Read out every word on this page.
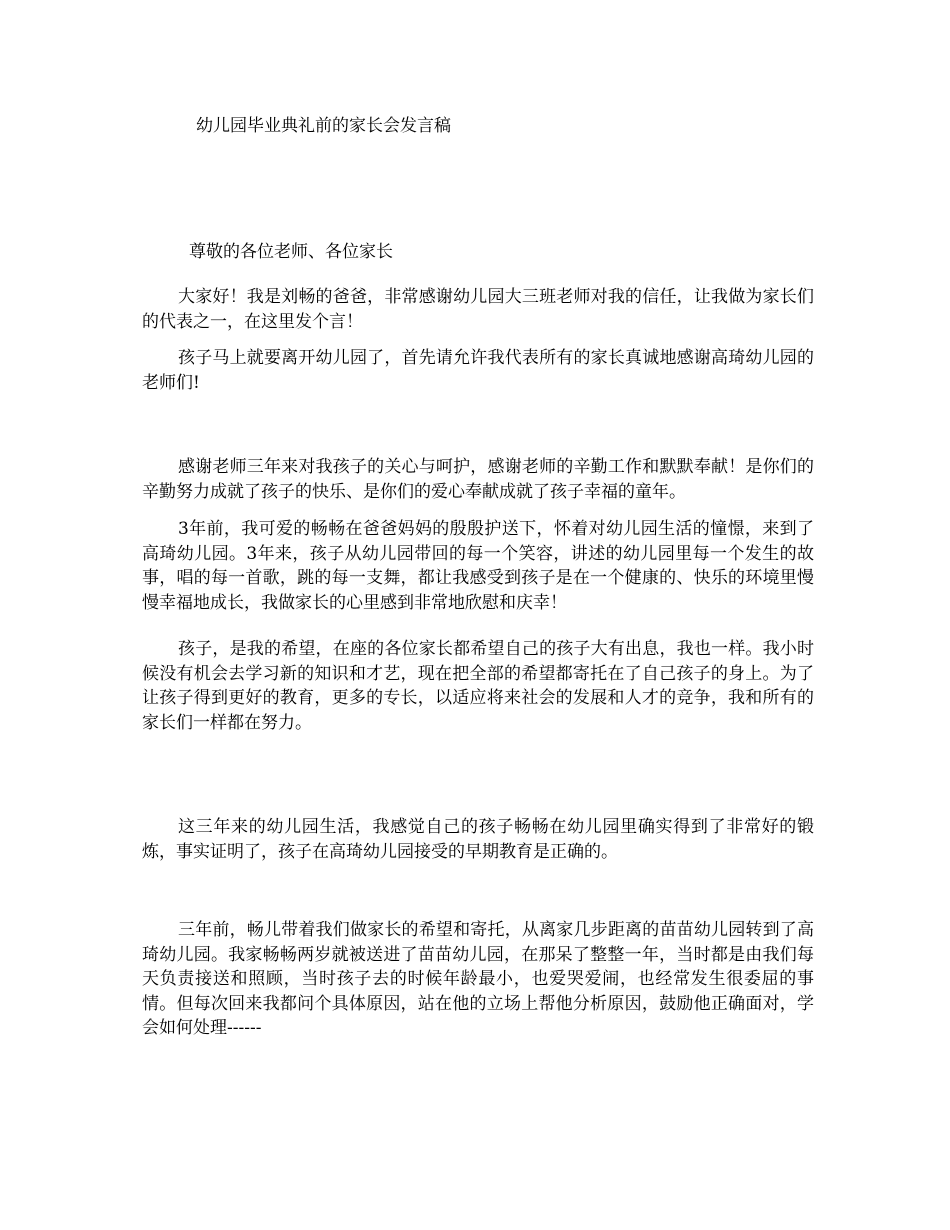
幼儿园毕业典礼前的家长会发言稿
尊敬的各位老师、各位家长

大家好！我是刘畅的爸爸，非常感谢幼儿园大三班老师对我的信任，让我做为家长们的代表之一，在这里发个言！

孩子马上就要离开幼儿园了，首先请允许我代表所有的家长真诚地感谢高琦幼儿园的老师们!

感谢老师三年来对我孩子的关心与呵护，感谢老师的辛勤工作和默默奉献！是你们的辛勤努力成就了孩子的快乐、是你们的爱心奉献成就了孩子幸福的童年。

3年前，我可爱的畅畅在爸爸妈妈的殷殷护送下，怀着对幼儿园生活的憧憬，来到了高琦幼儿园。3年来，孩子从幼儿园带回的每一个笑容，讲述的幼儿园里每一个发生的故事，唱的每一首歌，跳的每一支舞，都让我感受到孩子是在一个健康的、快乐的环境里慢慢幸福地成长，我做家长的心里感到非常地欣慰和庆幸！

孩子，是我的希望，在座的各位家长都希望自己的孩子大有出息，我也一样。我小时候没有机会去学习新的知识和才艺，现在把全部的希望都寄托在了自己孩子的身上。为了让孩子得到更好的教育，更多的专长，以适应将来社会的发展和人才的竞争，我和所有的家长们一样都在努力。

这三年来的幼儿园生活，我感觉自己的孩子畅畅在幼儿园里确实得到了非常好的锻炼，事实证明了，孩子在高琦幼儿园接受的早期教育是正确的。

三年前，畅儿带着我们做家长的希望和寄托，从离家几步距离的苗苗幼儿园转到了高琦幼儿园。我家畅畅两岁就被送进了苗苗幼儿园，在那呆了整整一年，当时都是由我们每天负责接送和照顾，当时孩子去的时候年龄最小，也爱哭爱闹，也经常发生很委屈的事情。但每次回来我都问个具体原因，站在他的立场上帮他分析原因，鼓励他正确面对，学会如何处理------
